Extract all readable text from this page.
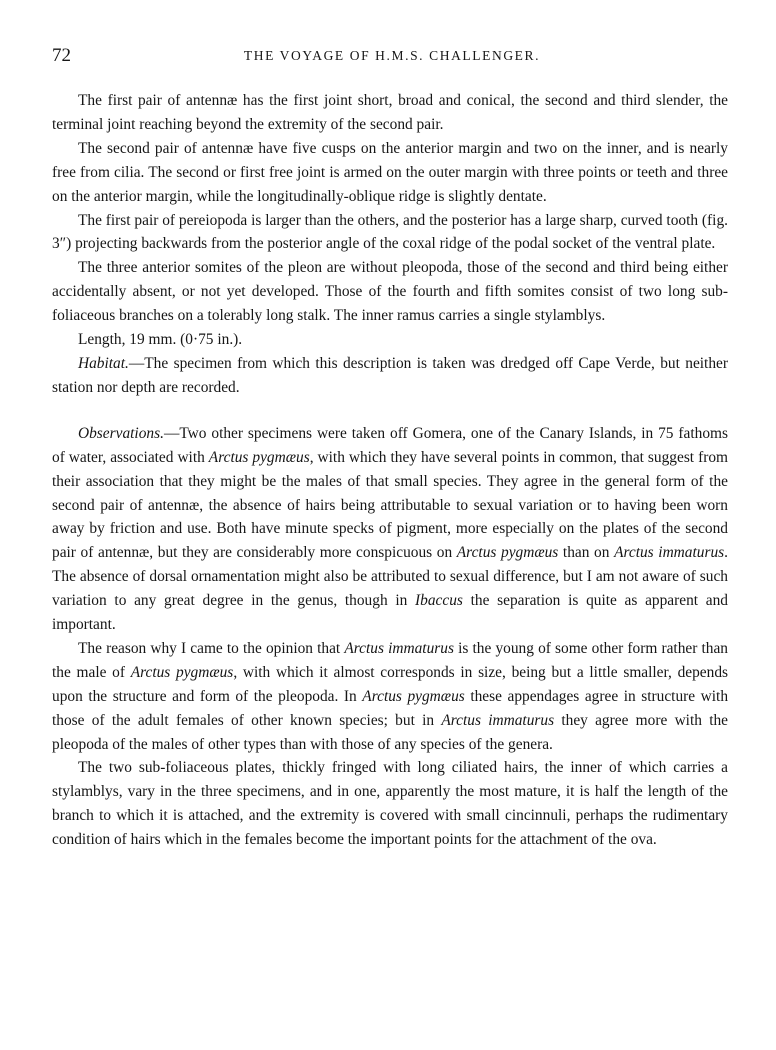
72	THE VOYAGE OF H.M.S. CHALLENGER.

The first pair of antennæ has the first joint short, broad and conical, the second and third slender, the terminal joint reaching beyond the extremity of the second pair.

The second pair of antennæ have five cusps on the anterior margin and two on the inner, and is nearly free from cilia. The second or first free joint is armed on the outer margin with three points or teeth and three on the anterior margin, while the longitudinally-oblique ridge is slightly dentate.

The first pair of pereiopoda is larger than the others, and the posterior has a large sharp, curved tooth (fig. 3″) projecting backwards from the posterior angle of the coxal ridge of the podal socket of the ventral plate.

The three anterior somites of the pleon are without pleopoda, those of the second and third being either accidentally absent, or not yet developed. Those of the fourth and fifth somites consist of two long sub-foliaceous branches on a tolerably long stalk. The inner ramus carries a single stylamblys.

Length, 19 mm. (0·75 in.).

Habitat.—The specimen from which this description is taken was dredged off Cape Verde, but neither station nor depth are recorded.

Observations.—Two other specimens were taken off Gomera, one of the Canary Islands, in 75 fathoms of water, associated with Arctus pygmæus, with which they have several points in common, that suggest from their association that they might be the males of that small species. They agree in the general form of the second pair of antennæ, the absence of hairs being attributable to sexual variation or to having been worn away by friction and use. Both have minute specks of pigment, more especially on the plates of the second pair of antennæ, but they are considerably more conspicuous on Arctus pygmæus than on Arctus immaturus. The absence of dorsal ornamentation might also be attributed to sexual difference, but I am not aware of such variation to any great degree in the genus, though in Ibaccus the separation is quite as apparent and important.

The reason why I came to the opinion that Arctus immaturus is the young of some other form rather than the male of Arctus pygmæus, with which it almost corresponds in size, being but a little smaller, depends upon the structure and form of the pleopoda. In Arctus pygmæus these appendages agree in structure with those of the adult females of other known species; but in Arctus immaturus they agree more with the pleopoda of the males of other types than with those of any species of the genera.

The two sub-foliaceous plates, thickly fringed with long ciliated hairs, the inner of which carries a stylamblys, vary in the three specimens, and in one, apparently the most mature, it is half the length of the branch to which it is attached, and the extremity is covered with small cincinnuli, perhaps the rudimentary condition of hairs which in the females become the important points for the attachment of the ova.
